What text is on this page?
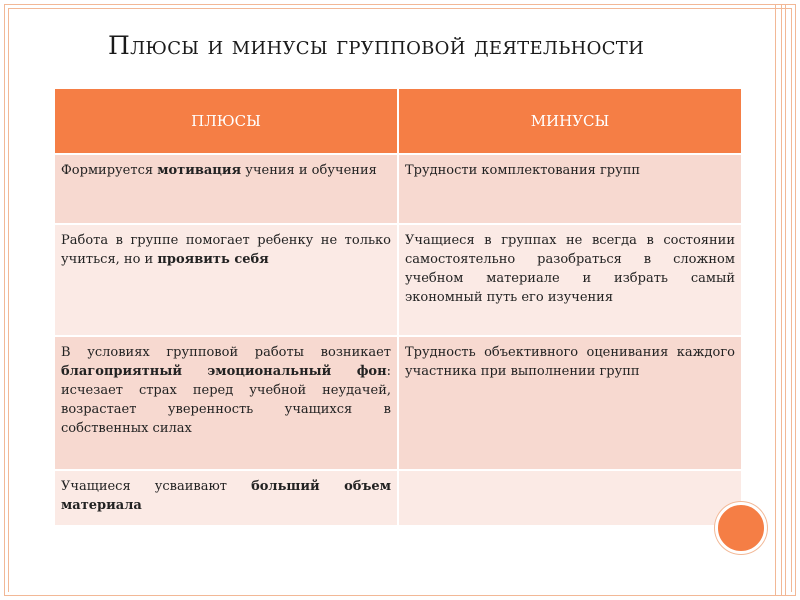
Плюсы и минусы групповой деятельности
ПЛЮСЫ	МИНУСЫ
Формируется мотивация учения и обучения	Трудности комплектования групп
Работа в группе помогает ребенку не только учиться, но и проявить себя	Учащиеся в группах не всегда в состоянии самостоятельно разобраться в сложном учебном материале и избрать самый экономный путь его изучения
В условиях групповой работы возникает благоприятный эмоциональный фон: исчезает страх перед учебной неудачей, возрастает уверенность учащихся в собственных силах	Трудность объективного оценивания каждого участника при выполнении групп
Учащиеся усваивают больший объем материала	
